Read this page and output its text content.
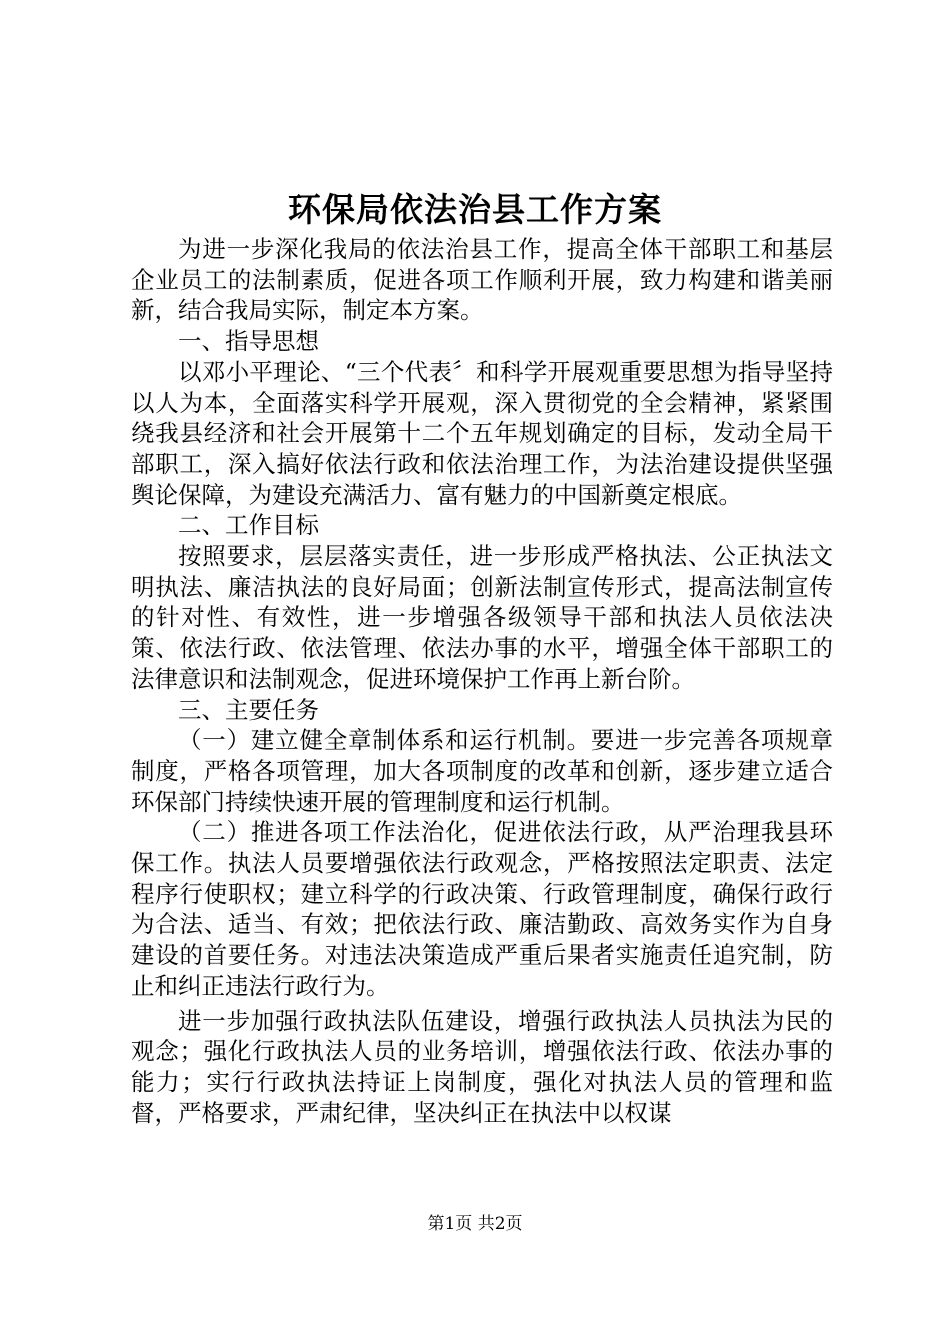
环保局依法治县工作方案

为进一步深化我局的依法治县工作，提高全体干部职工和基层企业员工的法制素质，促进各项工作顺利开展，致力构建和谐美丽新，结合我局实际，制定本方案。

一、指导思想

以邓小平理论、“三个代表〞和科学开展观重要思想为指导坚持以人为本，全面落实科学开展观，深入贯彻党的全会精神，紧紧围绕我县经济和社会开展第十二个五年规划确定的目标，发动全局干部职工，深入搞好依法行政和依法治理工作，为法治建设提供坚强舆论保障，为建设充满活力、富有魅力的中国新奠定根底。

二、工作目标

按照要求，层层落实责任，进一步形成严格执法、公正执法文明执法、廉洁执法的良好局面；创新法制宣传形式，提高法制宣传的针对性、有效性，进一步增强各级领导干部和执法人员依法决策、依法行政、依法管理、依法办事的水平，增强全体干部职工的法律意识和法制观念，促进环境保护工作再上新台阶。

三、主要任务

（一）建立健全章制体系和运行机制。要进一步完善各项规章制度，严格各项管理，加大各项制度的改革和创新，逐步建立适合环保部门持续快速开展的管理制度和运行机制。

（二）推进各项工作法治化，促进依法行政，从严治理我县环保工作。执法人员要增强依法行政观念，严格按照法定职责、法定程序行使职权；建立科学的行政决策、行政管理制度，确保行政行为合法、适当、有效；把依法行政、廉洁勤政、高效务实作为自身建设的首要任务。对违法决策造成严重后果者实施责任追究制，防止和纠正违法行政行为。

进一步加强行政执法队伍建设，增强行政执法人员执法为民的观念；强化行政执法人员的业务培训，增强依法行政、依法办事的能力；实行行政执法持证上岗制度，强化对执法人员的管理和监督，严格要求，严肃纪律，坚决纠正在执法中以权谋

第1页 共2页
